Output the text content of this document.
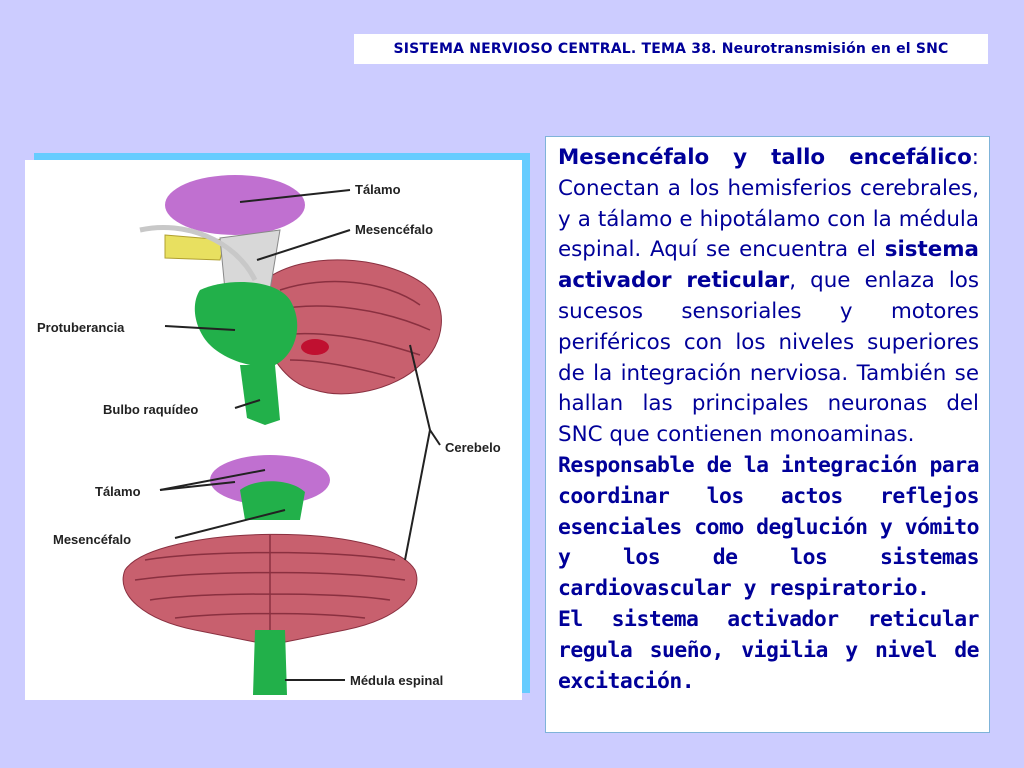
SISTEMA NERVIOSO CENTRAL. TEMA 38. Neurotransmisión en el SNC
Tálamo
Mesencéfalo
Protuberancia
Bulbo raquídeo
Cerebelo
Tálamo
Mesencéfalo
Médula espinal

Mesencéfalo y tallo encefálico: Conectan a los hemisferios cerebrales, y a tálamo e hipotálamo con la médula espinal. Aquí se encuentra el sistema activador reticular, que enlaza los sucesos sensoriales y motores periféricos con los niveles superiores de la integración nerviosa. También se hallan las principales neuronas del SNC que contienen monoaminas.

Responsable de la integración para coordinar los actos reflejos esenciales como deglución y vómito y los de los sistemas cardiovascular y respiratorio.

El sistema activador reticular regula sueño, vigilia y nivel de excitación.
